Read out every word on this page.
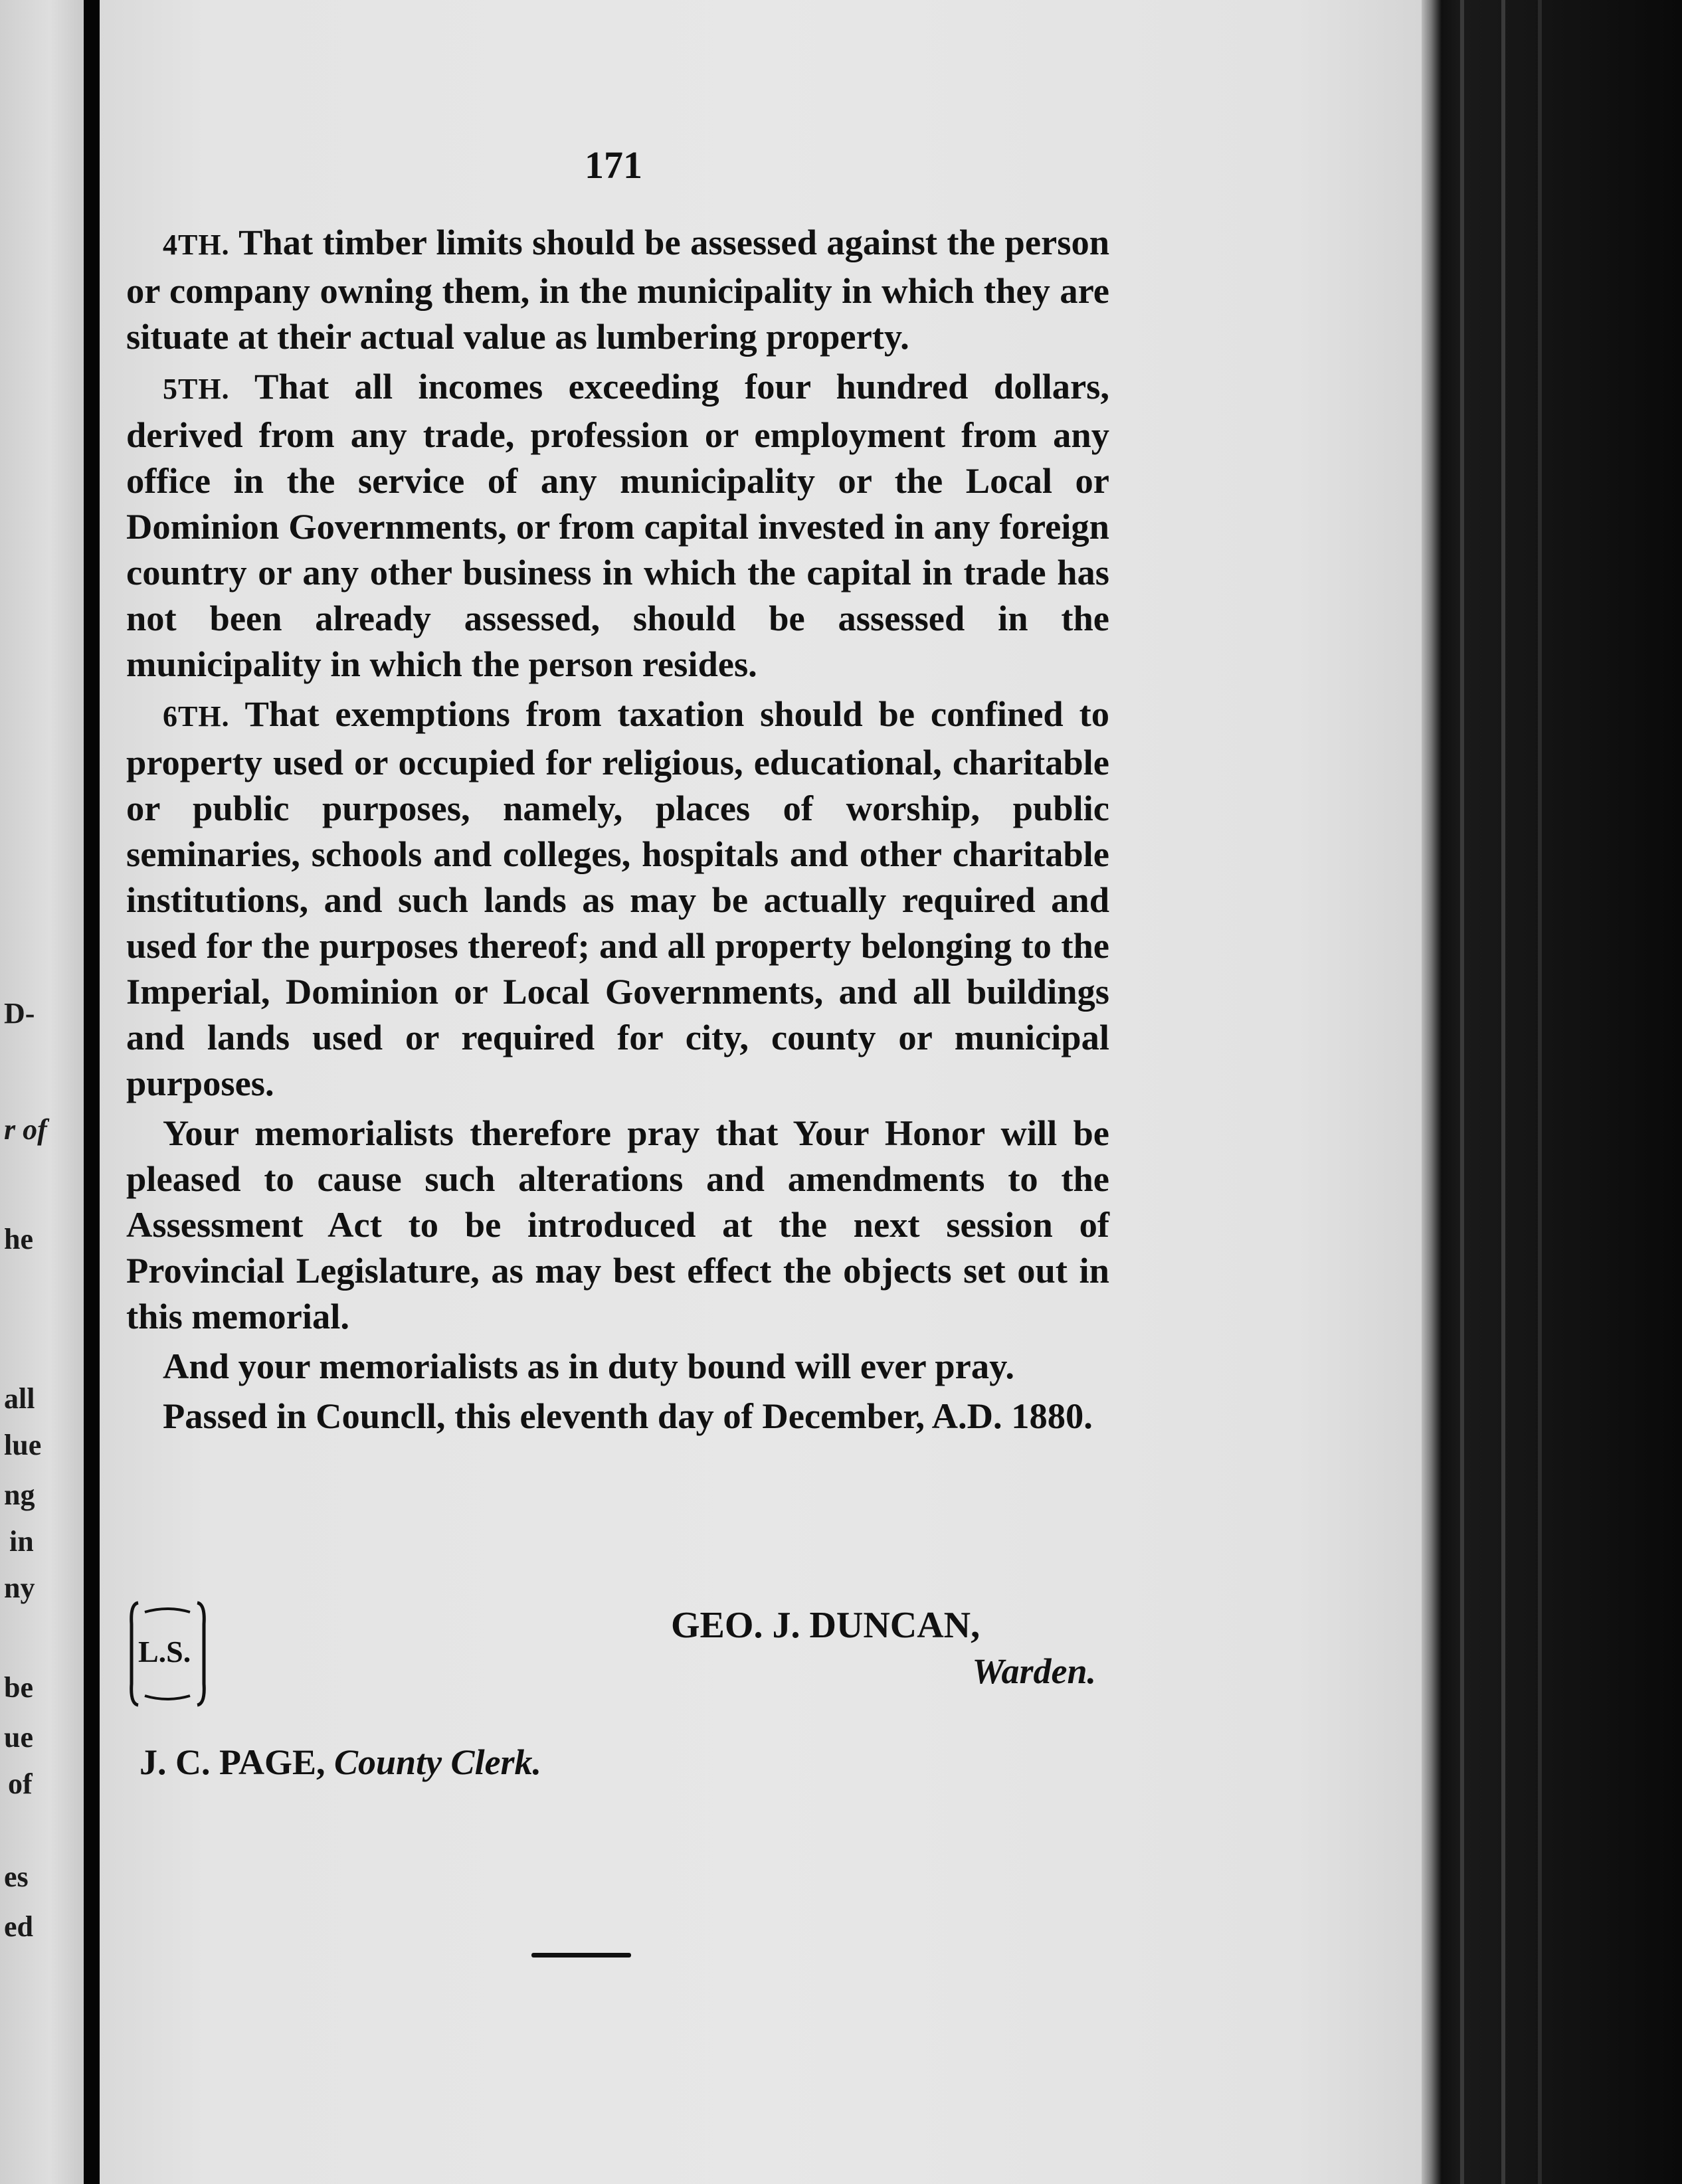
D-
r of
he
all
lue
ng
in
ny
be
ue
of
es
ed
171

4TH. That timber limits should be assessed against the person or company owning them, in the municipality in which they are situate at their actual value as lumbering property.

5TH. That all incomes exceeding four hundred dollars, derived from any trade, profession or employment from any office in the service of any municipality or the Local or Dominion Governments, or from capital invested in any foreign country or any other business in which the capital in trade has not been already assessed, should be assessed in the municipality in which the person resides.

6TH. That exemptions from taxation should be confined to property used or occupied for religious, educational, charitable or public purposes, namely, places of worship, public seminaries, schools and colleges, hospitals and other charitable institutions, and such lands as may be actually required and used for the purposes thereof; and all property belonging to the Imperial, Dominion or Local Governments, and all buildings and lands used or required for city, county or municipal purposes.

Your memorialists therefore pray that Your Honor will be pleased to cause such alterations and amendments to the Assessment Act to be introduced at the next session of Provincial Legislature, as may best effect the objects set out in this memorial.

And your memorialists as in duty bound will ever pray.

Passed in Councll, this eleventh day of December, A.D. 1880.

L.S.
GEO. J. DUNCAN,
Warden.
J. C. PAGE, County Clerk.
